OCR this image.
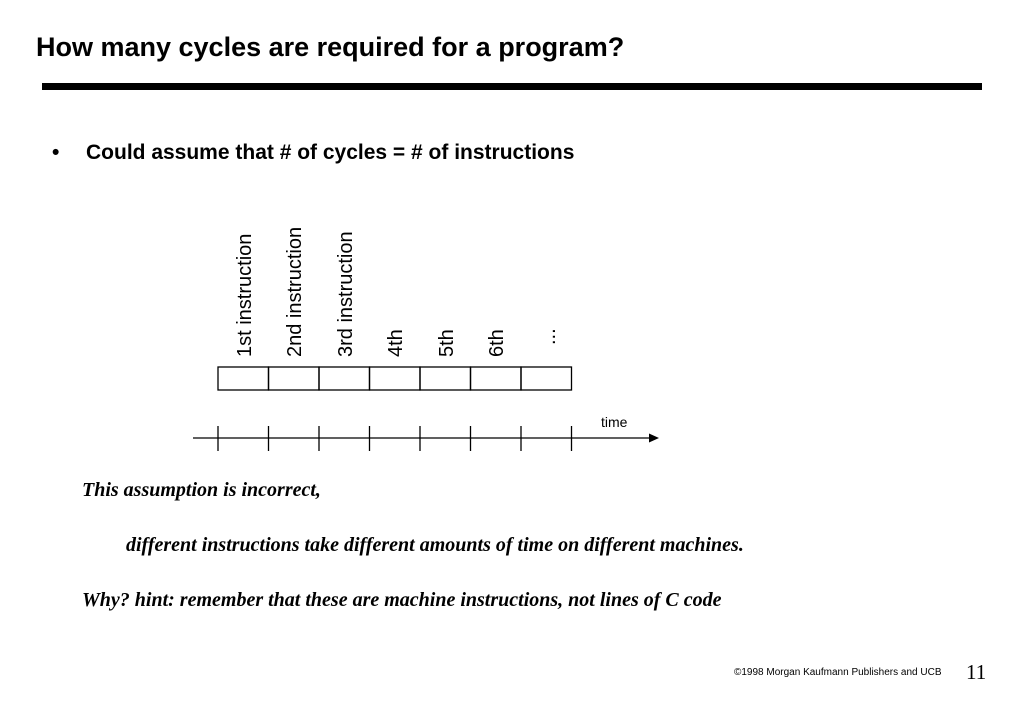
How many cycles are required for a program?
• Could assume that # of cycles = # of instructions
1st instruction 2nd instruction 3rd instruction 4th 5th 6th ...
time
This assumption is incorrect,
different instructions take different amounts of time on different machines.
Why? hint: remember that these are machine instructions, not lines of C code
©1998 Morgan Kaufmann Publishers and UCB 11
